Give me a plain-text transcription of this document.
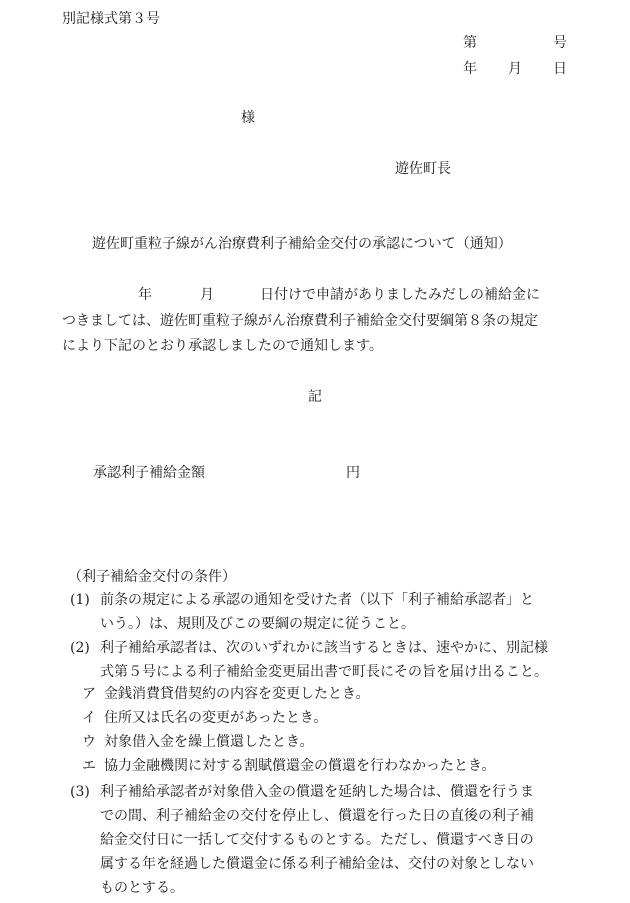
別記様式第３号
第	号
年 月 日
様
遊佐町長
遊佐町重粒子線がん治療費利子補給金交付の承認について（通知）

年	月	日付けで申請がありましたみだしの補給金に

つきましては、遊佐町重粒子線がん治療費利子補給金交付要綱第８条の規定

により下記のとおり承認しましたので通知します。

記
承認利子補給金額	円
（利子補給金交付の条件）
(1) 前条の規定による承認の通知を受けた者（以下「利子補給承認者」と

いう。）は、規則及びこの要綱の規定に従うこと。

(2) 利子補給承認者は、次のいずれかに該当するときは、速やかに、別記様

式第５号による利子補給金変更届出書で町長にその旨を届け出ること。

ア 金銭消費貸借契約の内容を変更したとき。
イ 住所又は氏名の変更があったとき。
ウ 対象借入金を繰上償還したとき。
エ 協力金融機関に対する割賦償還金の償還を行わなかったとき。
(3) 利子補給承認者が対象借入金の償還を延納した場合は、償還を行うま

での間、利子補給金の交付を停止し、償還を行った日の直後の利子補

給金交付日に一括して交付するものとする。ただし、償還すべき日の

属する年を経過した償還金に係る利子補給金は、交付の対象としない

ものとする。
